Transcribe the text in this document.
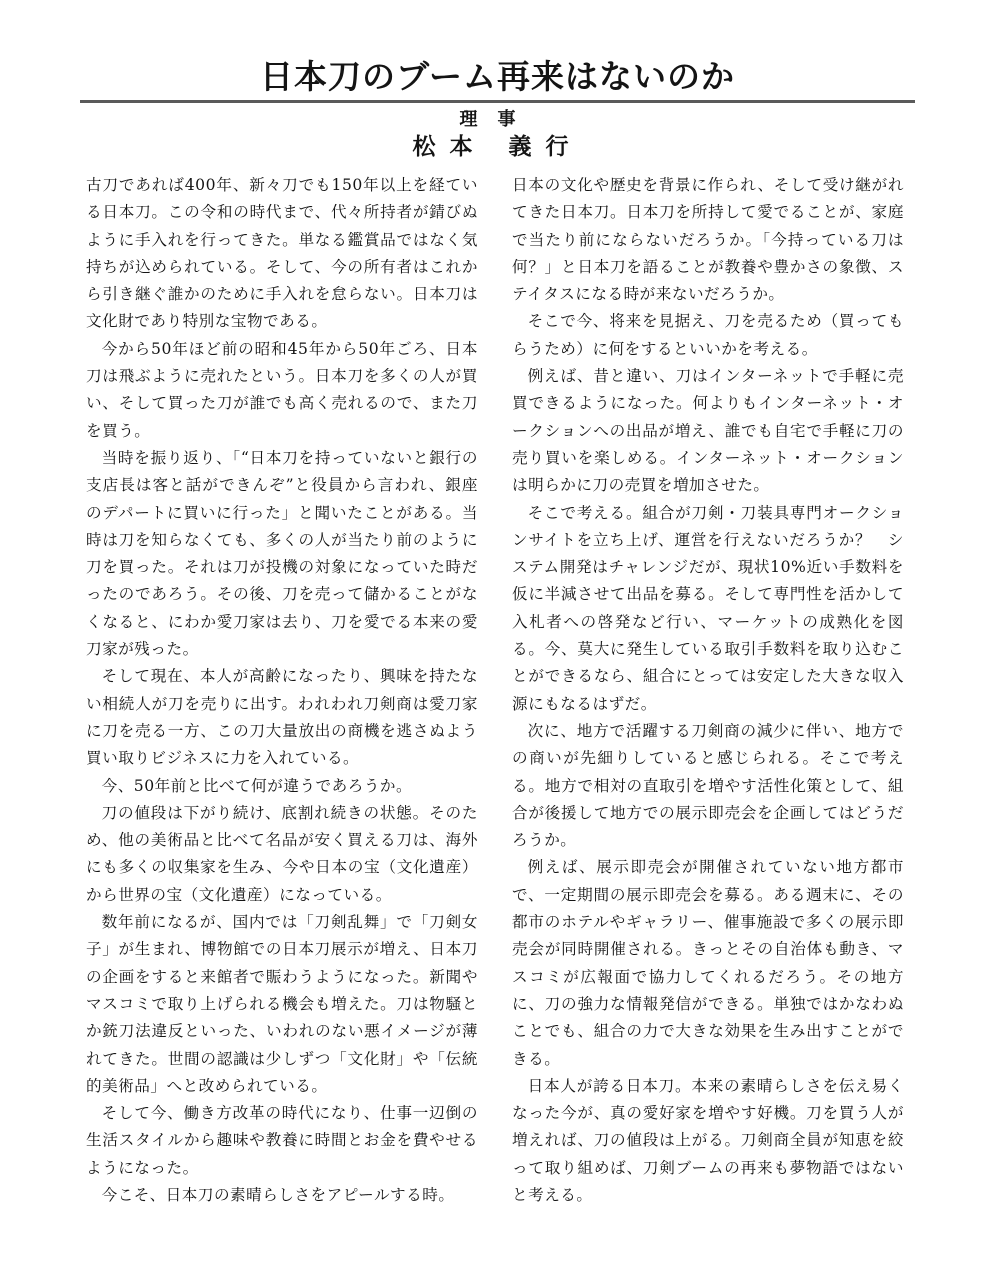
日本刀のブーム再来はないのか
理事
松本 義行

古刀であれば400年、新々刀でも150年以上を経ている日本刀。この令和の時代まで、代々所持者が錆びぬように手入れを行ってきた。単なる鑑賞品ではなく気持ちが込められている。そして、今の所有者はこれから引き継ぐ誰かのために手入れを怠らない。日本刀は文化財であり特別な宝物である。

今から50年ほど前の昭和45年から50年ごろ、日本刀は飛ぶように売れたという。日本刀を多くの人が買い、そして買った刀が誰でも高く売れるので、また刀を買う。

当時を振り返り、「“日本刀を持っていないと銀行の支店長は客と話ができんぞ”と役員から言われ、銀座のデパートに買いに行った」と聞いたことがある。当時は刀を知らなくても、多くの人が当たり前のように刀を買った。それは刀が投機の対象になっていた時だったのであろう。その後、刀を売って儲かることがなくなると、にわか愛刀家は去り、刀を愛でる本来の愛刀家が残った。

そして現在、本人が高齢になったり、興味を持たない相続人が刀を売りに出す。われわれ刀剣商は愛刀家に刀を売る一方、この刀大量放出の商機を逃さぬよう買い取りビジネスに力を入れている。

今、50年前と比べて何が違うであろうか。

刀の値段は下がり続け、底割れ続きの状態。そのため、他の美術品と比べて名品が安く買える刀は、海外にも多くの収集家を生み、今や日本の宝（文化遺産）から世界の宝（文化遺産）になっている。

数年前になるが、国内では「刀剣乱舞」で「刀剣女子」が生まれ、博物館での日本刀展示が増え、日本刀の企画をすると来館者で賑わうようになった。新聞やマスコミで取り上げられる機会も増えた。刀は物騒とか銃刀法違反といった、いわれのない悪イメージが薄れてきた。世間の認識は少しずつ「文化財」や「伝統的美術品」へと改められている。

そして今、働き方改革の時代になり、仕事一辺倒の生活スタイルから趣味や教養に時間とお金を費やせるようになった。

今こそ、日本刀の素晴らしさをアピールする時。

日本の文化や歴史を背景に作られ、そして受け継がれてきた日本刀。日本刀を所持して愛でることが、家庭で当たり前にならないだろうか。「今持っている刀は何？」と日本刀を語ることが教養や豊かさの象徴、ステイタスになる時が来ないだろうか。

そこで今、将来を見据え、刀を売るため（買ってもらうため）に何をするといいかを考える。

例えば、昔と違い、刀はインターネットで手軽に売買できるようになった。何よりもインターネット・オークションへの出品が増え、誰でも自宅で手軽に刀の売り買いを楽しめる。インターネット・オークションは明らかに刀の売買を増加させた。

そこで考える。組合が刀剣・刀装具専門オークションサイトを立ち上げ、運営を行えないだろうか？　システム開発はチャレンジだが、現状10%近い手数料を仮に半減させて出品を募る。そして専門性を活かして入札者への啓発など行い、マーケットの成熟化を図る。今、莫大に発生している取引手数料を取り込むことができるなら、組合にとっては安定した大きな収入源にもなるはずだ。

次に、地方で活躍する刀剣商の減少に伴い、地方での商いが先細りしていると感じられる。そこで考える。地方で相対の直取引を増やす活性化策として、組合が後援して地方での展示即売会を企画してはどうだろうか。

例えば、展示即売会が開催されていない地方都市で、一定期間の展示即売会を募る。ある週末に、その都市のホテルやギャラリー、催事施設で多くの展示即売会が同時開催される。きっとその自治体も動き、マスコミが広報面で協力してくれるだろう。その地方に、刀の強力な情報発信ができる。単独ではかなわぬことでも、組合の力で大きな効果を生み出すことができる。

日本人が誇る日本刀。本来の素晴らしさを伝え易くなった今が、真の愛好家を増やす好機。刀を買う人が増えれば、刀の値段は上がる。刀剣商全員が知恵を絞って取り組めば、刀剣ブームの再来も夢物語ではないと考える。
